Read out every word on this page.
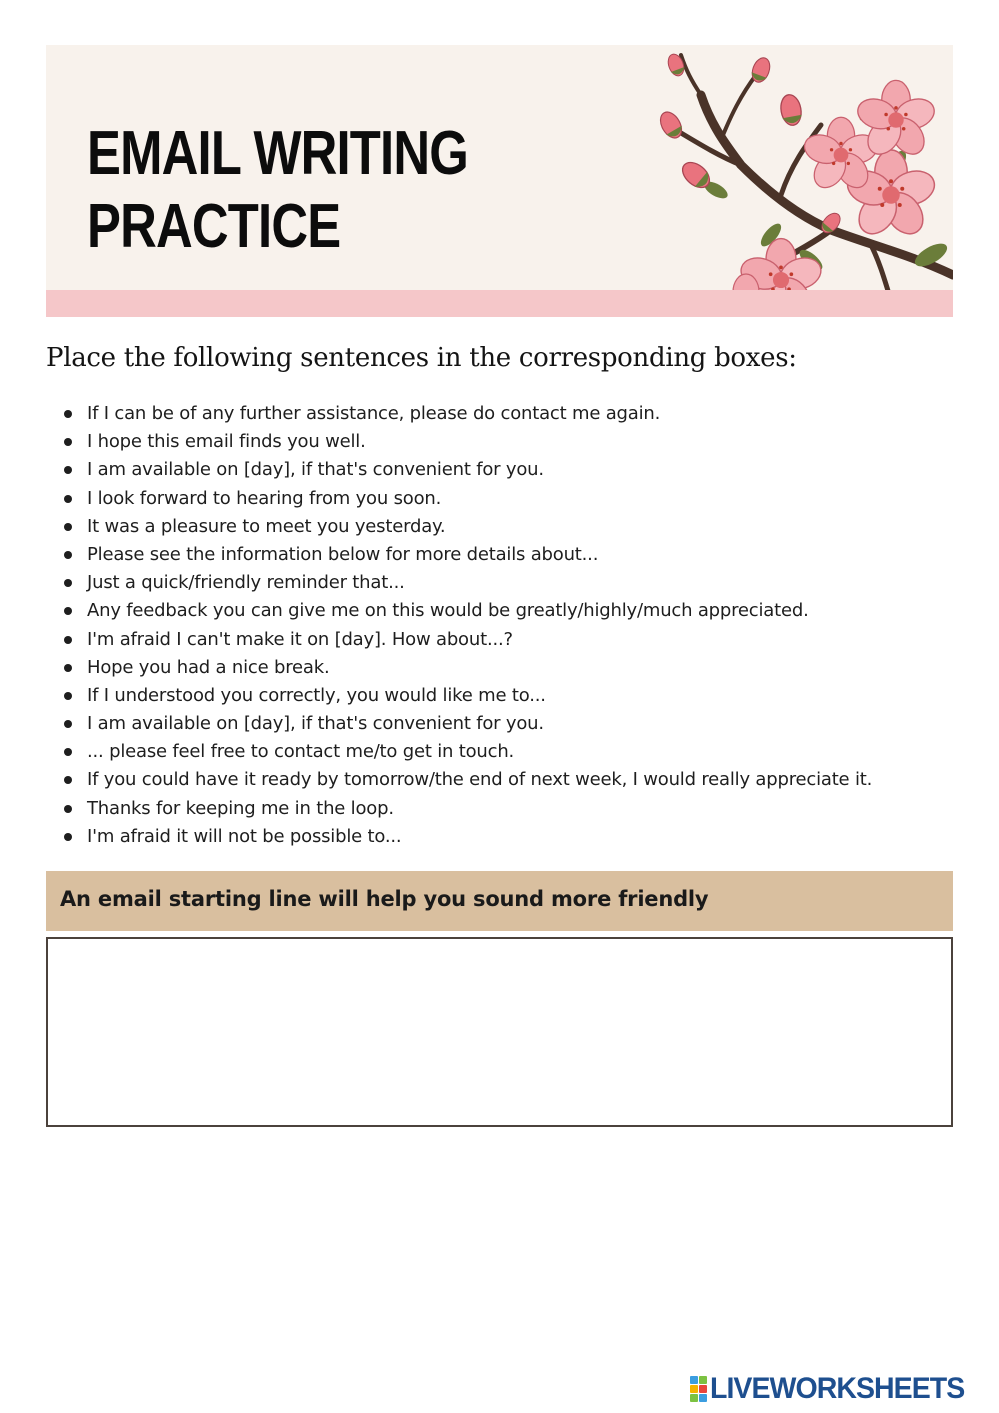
EMAIL WRITING
PRACTICE
Place the following sentences in the corresponding boxes:
If I can be of any further assistance, please do contact me again.
I hope this email finds you well.
I am available on [day], if that's convenient for you.
I look forward to hearing from you soon.
It was a pleasure to meet you yesterday.
Please see the information below for more details about...
Just a quick/friendly reminder that...
Any feedback you can give me on this would be greatly/highly/much appreciated.
I'm afraid I can't make it on [day]. How about...?
Hope you had a nice break.
If I understood you correctly, you would like me to...
I am available on [day], if that's convenient for you.
... please feel free to contact me/to get in touch.
If you could have it ready by tomorrow/the end of next week, I would really appreciate it.
Thanks for keeping me in the loop.
I'm afraid it will not be possible to...
An email starting line will help you sound more friendly
LIVEWORKSHEETS
